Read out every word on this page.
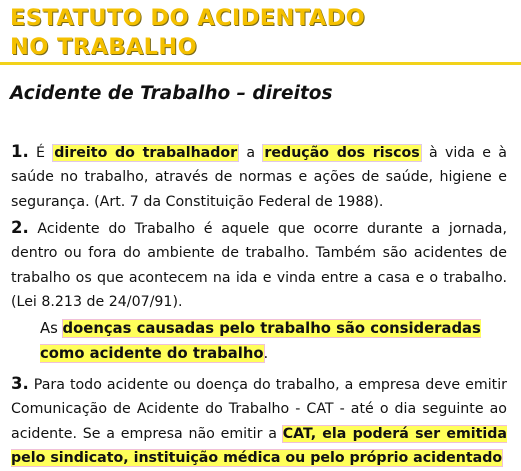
ESTATUTO DO ACIDENTADO
NO TRABALHO
Acidente de Trabalho – direitos

1. É direito do trabalhador a redução dos riscos à vida e à saúde no trabalho, através de normas e ações de saúde, higiene e segurança. (Art. 7 da Constituição Federal de 1988).

2. Acidente do Trabalho é aquele que ocorre durante a jornada, dentro ou fora do ambiente de trabalho. Também são acidentes de trabalho os que acontecem na ida e vinda entre a casa e o trabalho. (Lei 8.213 de 24/07/91).

As doenças causadas pelo trabalho são consideradas como acidente do trabalho.

3. Para todo acidente ou doença do trabalho, a empresa deve emitir Comunicação de Acidente do Trabalho - CAT - até o dia seguinte ao acidente. Se a empresa não emitir a CAT, ela poderá ser emitida pelo sindicato, instituição médica ou pelo próprio acidentado
